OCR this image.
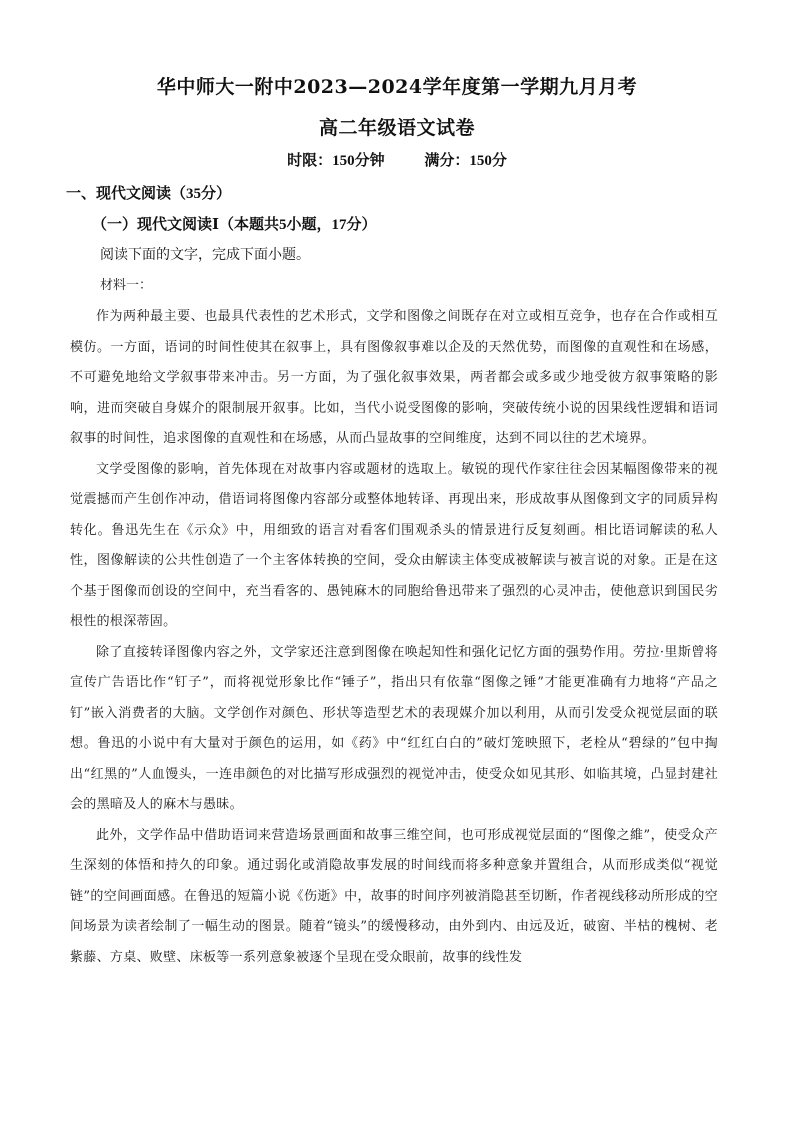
华中师大一附中2023—2024学年度第一学期九月月考
高二年级语文试卷
时限：150分钟	满分：150分
一、现代文阅读（35分）
（一）现代文阅读Ⅰ（本题共5小题，17分）
阅读下面的文字，完成下面小题。
材料一：

作为两种最主要、也最具代表性的艺术形式，文学和图像之间既存在对立或相互竞争，也存在合作或相互模仿。一方面，语词的时间性使其在叙事上，具有图像叙事难以企及的天然优势，而图像的直观性和在场感，不可避免地给文学叙事带来冲击。另一方面，为了强化叙事效果，两者都会或多或少地受彼方叙事策略的影响，进而突破自身媒介的限制展开叙事。比如，当代小说受图像的影响，突破传统小说的因果线性逻辑和语词叙事的时间性，追求图像的直观性和在场感，从而凸显故事的空间维度，达到不同以往的艺术境界。

文学受图像的影响，首先体现在对故事内容或题材的选取上。敏锐的现代作家往往会因某幅图像带来的视觉震撼而产生创作冲动，借语词将图像内容部分或整体地转译、再现出来，形成故事从图像到文字的同质异构转化。鲁迅先生在《示众》中，用细致的语言对看客们围观杀头的情景进行反复刻画。相比语词解读的私人性，图像解读的公共性创造了一个主客体转换的空间，受众由解读主体变成被解读与被言说的对象。正是在这个基于图像而创设的空间中，充当看客的、愚钝麻木的同胞给鲁迅带来了强烈的心灵冲击，使他意识到国民劣根性的根深蒂固。

除了直接转译图像内容之外，文学家还注意到图像在唤起知性和强化记忆方面的强势作用。劳拉·里斯曾将宣传广告语比作“钉子”，而将视觉形象比作“锤子”，指出只有依靠“图像之锤”才能更准确有力地将“产品之钉”嵌入消费者的大脑。文学创作对颜色、形状等造型艺术的表现媒介加以利用，从而引发受众视觉层面的联想。鲁迅的小说中有大量对于颜色的运用，如《药》中“红红白白的”破灯笼映照下，老栓从“碧绿的”包中掏出“红黑的”人血馒头，一连串颜色的对比描写形成强烈的视觉冲击，使受众如见其形、如临其境，凸显封建社会的黑暗及人的麻木与愚昧。

此外，文学作品中借助语词来营造场景画面和故事三维空间，也可形成视觉层面的“图像之維”，使受众产生深刻的体悟和持久的印象。通过弱化或消隐故事发展的时间线而将多种意象并置组合，从而形成类似“视觉链”的空间画面感。在鲁迅的短篇小说《伤逝》中，故事的时间序列被消隐甚至切断，作者视线移动所形成的空间场景为读者绘制了一幅生动的图景。随着“镜头”的缓慢移动，由外到内、由远及近，破窗、半枯的槐树、老紫藤、方桌、败壁、床板等一系列意象被逐个呈现在受众眼前，故事的线性发
